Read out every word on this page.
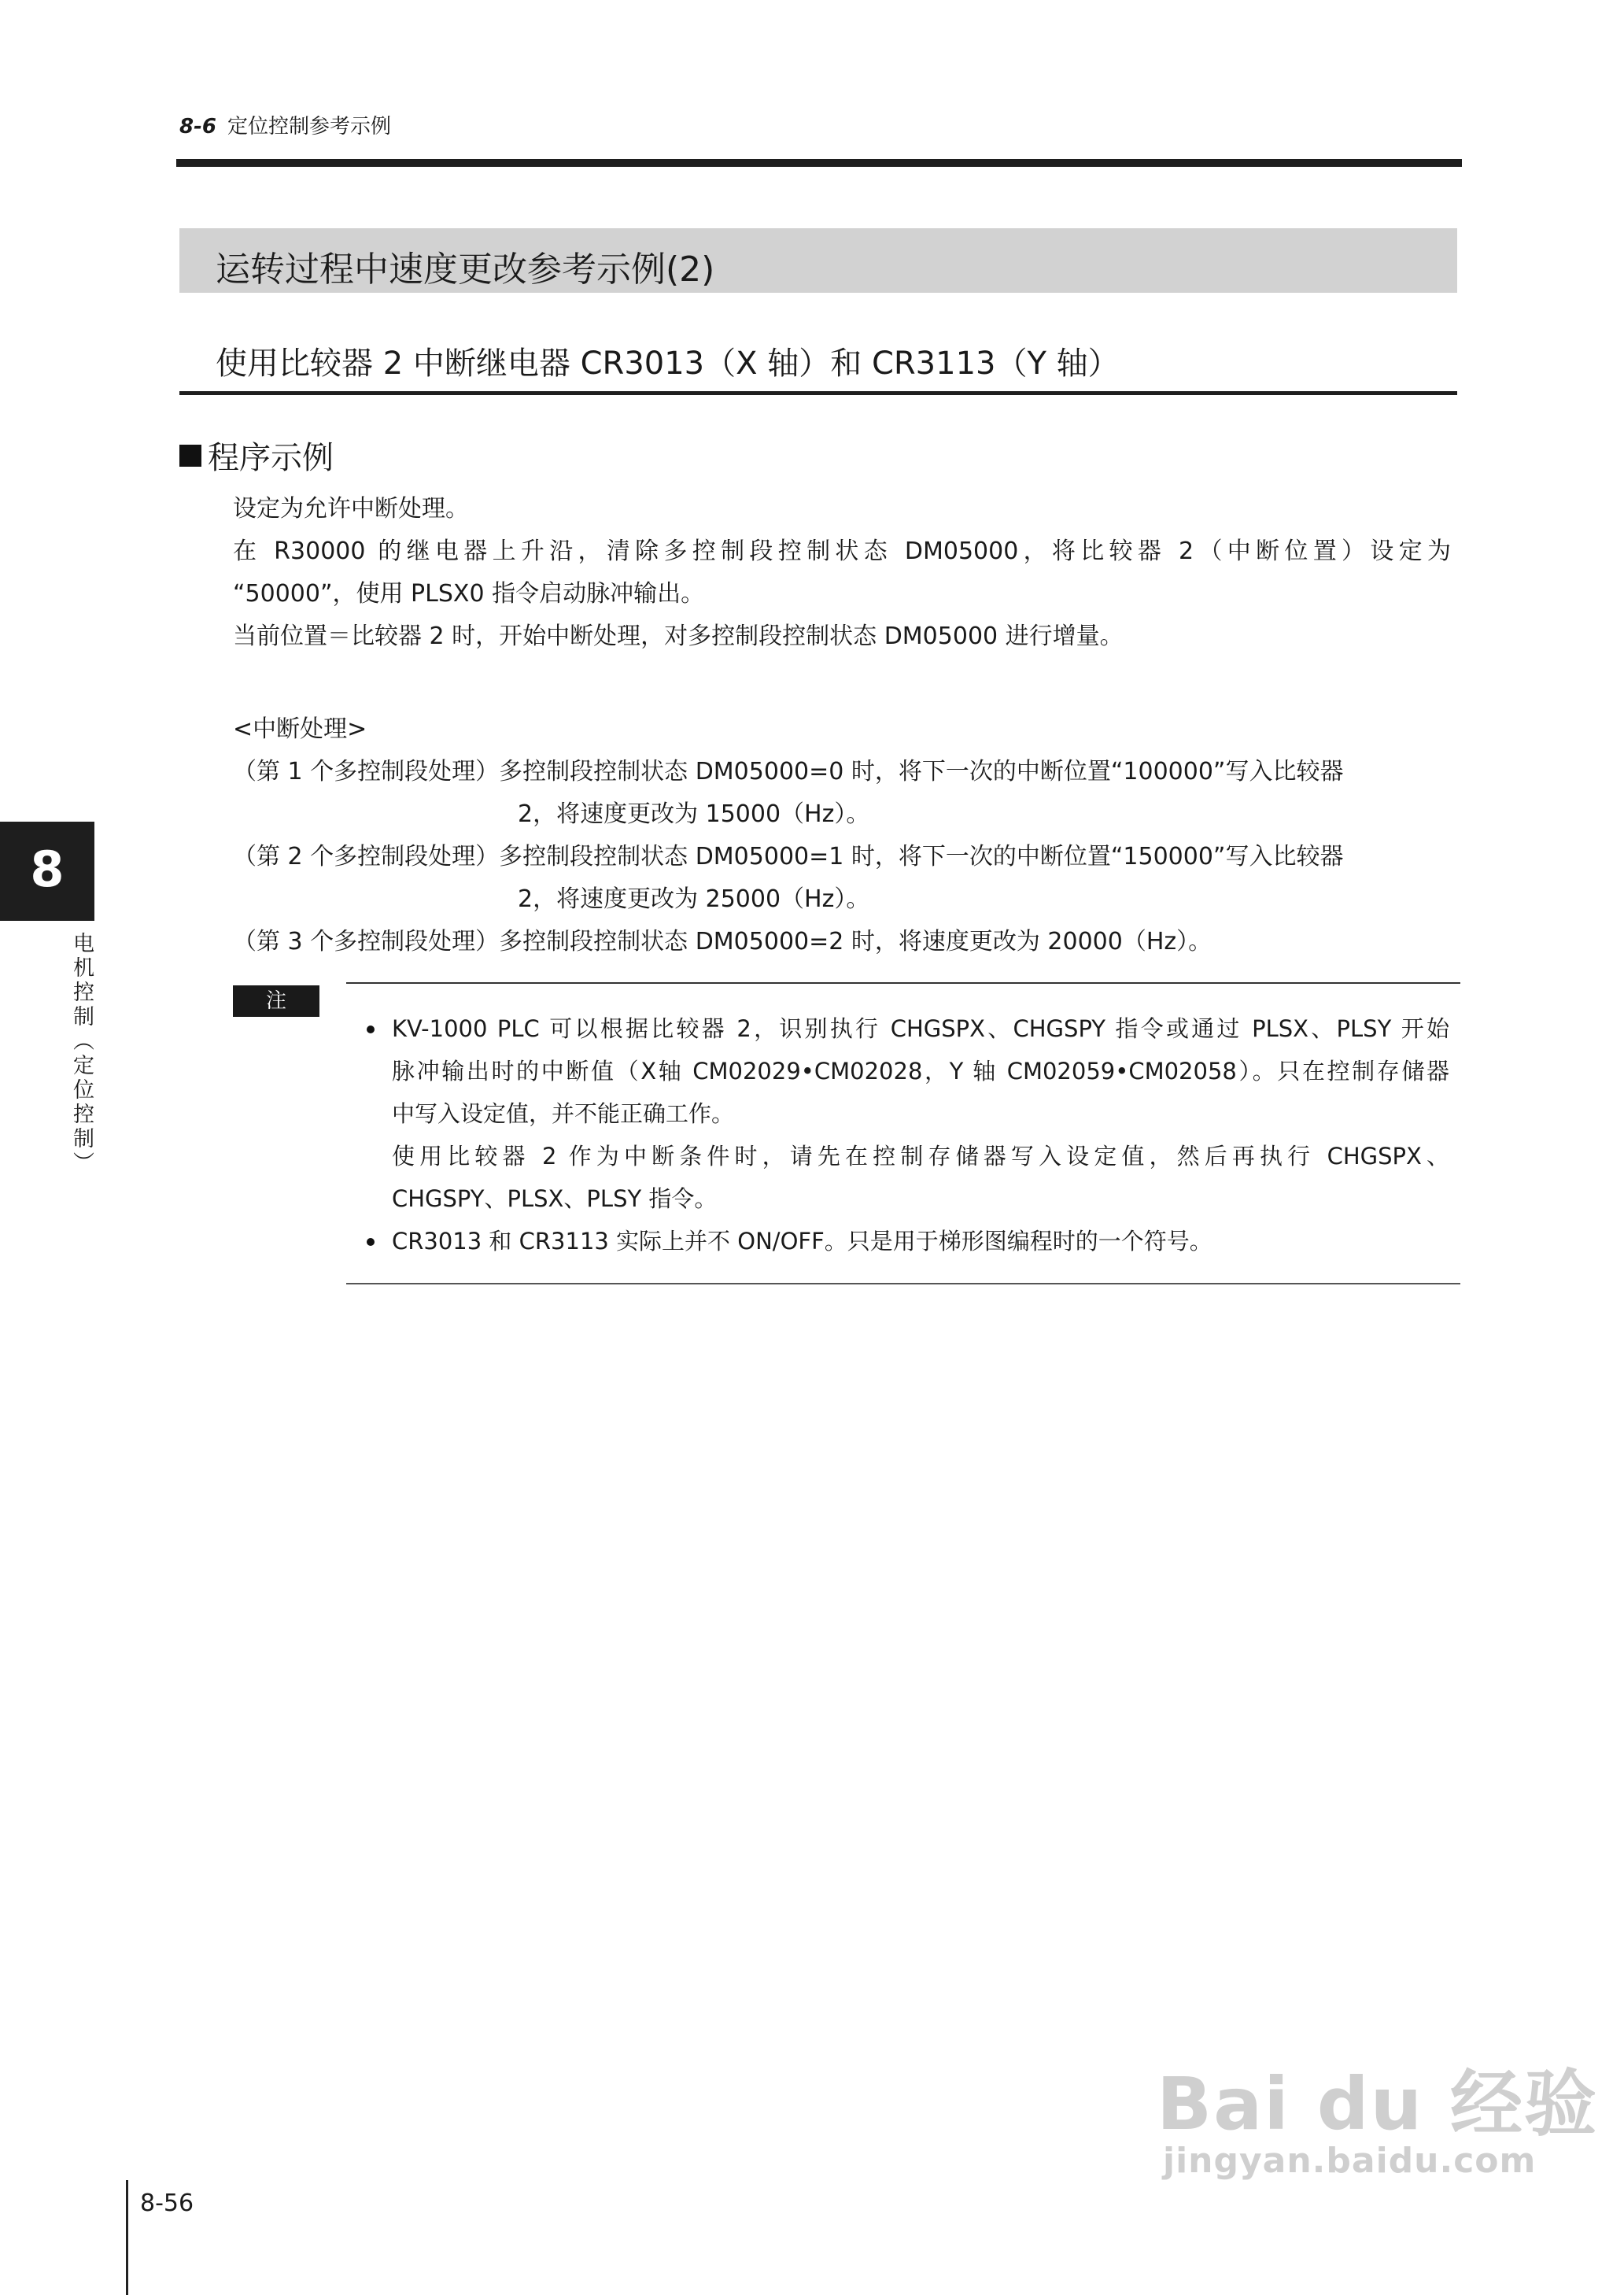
8-6 定位控制参考示例
运转过程中速度更改参考示例(2)
使用比较器 2 中断继电器 CR3013（X 轴）和 CR3113（Y 轴）
程序示例

设定为允许中断处理。

在 R30000 的继电器上升沿，清除多控制段控制状态 DM05000，将比较器 2（中断位置）设定为

“50000”，使用 PLSX0 指令启动脉冲输出。

当前位置＝比较器 2 时，开始中断处理，对多控制段控制状态 DM05000 进行增量。

<中断处理>

（第 1 个多控制段处理）多控制段控制状态 DM05000=0 时，将下一次的中断位置“100000”写入比较器

2，将速度更改为 15000（Hz）。

（第 2 个多控制段处理）多控制段控制状态 DM05000=1 时，将下一次的中断位置“150000”写入比较器

2，将速度更改为 25000（Hz）。

（第 3 个多控制段处理）多控制段控制状态 DM05000=2 时，将速度更改为 20000（Hz）。

8
电机控制（定位控制）	注

KV-1000 PLC 可以根据比较器 2，识别执行 CHGSPX、CHGSPY 指令或通过 PLSX、PLSY 开始

脉冲输出时的中断值（X轴 CM02029•CM02028，Y 轴 CM02059•CM02058）。只在控制存储器

中写入设定值，并不能正确工作。

使用比较器 2 作为中断条件时，请先在控制存储器写入设定值，然后再执行 CHGSPX、

CHGSPY、PLSX、PLSY 指令。

CR3013 和 CR3113 实际上并不 ON/OFF。只是用于梯形图编程时的一个符号。

8-56
Bai du 经验
jingyan.baidu.com
